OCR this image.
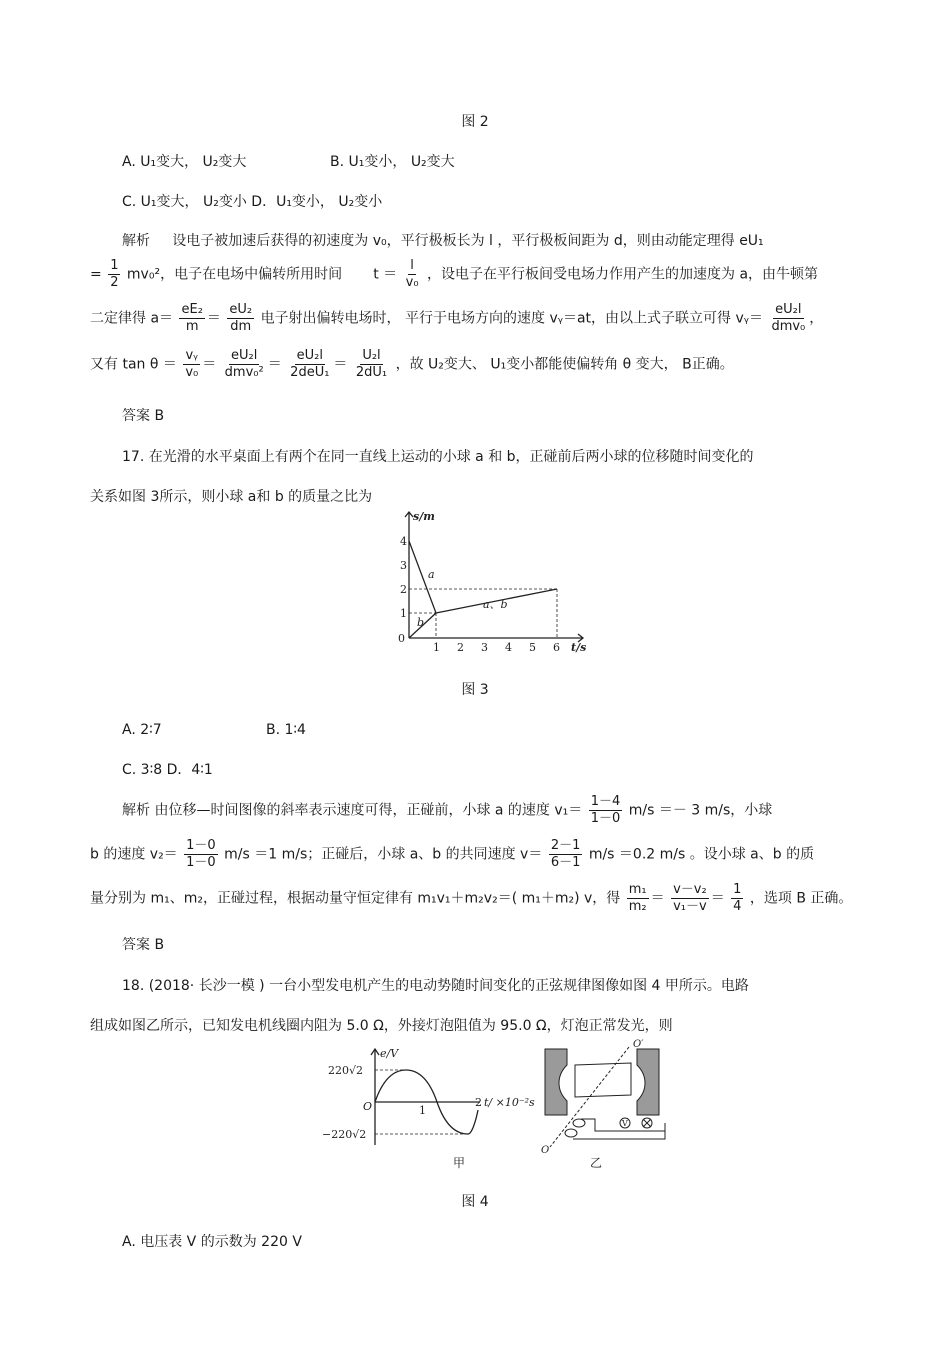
图 2
A. U₁变大， U₂变大	B. U₁变小， U₂变大
C. U₁变大， U₂变小 D．U₁变小， U₂变小
解析 设电子被加速后获得的初速度为 v₀，平行极板长为 l ，平行极板间距为 d，则由动能定理得 eU₁
= $\frac{1}{2} mv_0^2$，电子在电场中偏转所用时间 $t = \frac{l}{\text{v₀}}$ ，设电子在平行板间受电场力作用产生的加速度为 a，由牛顿第
二定律得 $a= \frac{\text{eE₂}}{m} = \frac{\text{eU₂}}{dm}$ 电子射出偏转电场时， 平行于电场方向的速度 vᵧ＝at，由以上式子联立可得 vᵧ＝ $\frac{\text{eU₂l}}{\text{dmv₀}}$ ，
又有 $\tan \theta = \frac{\text{vᵧ}}{\text{v₀}} = \frac{\text{eU₂l}}{\text{dmv₀²}} = \frac{\text{eU₂l}}{\text{2deU₁}} = \frac{\text{U₂l}}{\text{2dU₁}}$ ，故 U₂变大、 U₁变小都能使偏转角 θ 变大， B正确。
答案 B
17. 在光滑的水平桌面上有两个在同一直线上运动的小球 a 和 b，正碰前后两小球的位移随时间变化的
关系如图 3所示，则小球 a和 b 的质量之比为
s/m
t/s
0
1
2
3
4
1 2 3 4 5 6
a
b
a、b
图 3
A. 2∶7	B. 1∶4
C. 3∶8 D．4∶1
解析 由位移—时间图像的斜率表示速度可得，正碰前，小球 a 的速度 $v_1= \frac{1-4}{1-0} m/s =- 3$ m/s，小球
b 的速度 $v_2= \frac{1-0}{1-0} m/s =1$ m/s；正碰后，小球 a、b 的共同速度 $v= \frac{2-1}{6-1} m/s =0.2$ m/s 。设小球 a、b 的质
量分别为 m₁、m₂，正碰过程，根据动量守恒定律有 m₁v₁＋m₂v₂＝( m₁＋m₂) v，得 $\frac{\text{m₁}}{\text{m₂}} = \frac{\text{v－v₂}}{\text{v₁－v}} = \frac{1}{4}$ ，选项 B 正确。
答案 B
18. (2018· 长沙一模 ) 一台小型发电机产生的电动势随时间变化的正弦规律图像如图 4 甲所示。电路
组成如图乙所示，已知发电机线圈内阻为 5.0 Ω，外接灯泡阻值为 95.0 Ω，灯泡正常发光，则
e/V
t/ ×10⁻²s
220√2
−220√2
O	1
2
甲
V
O′
O
乙
图 4
A. 电压表 V 的示数为 220 V
